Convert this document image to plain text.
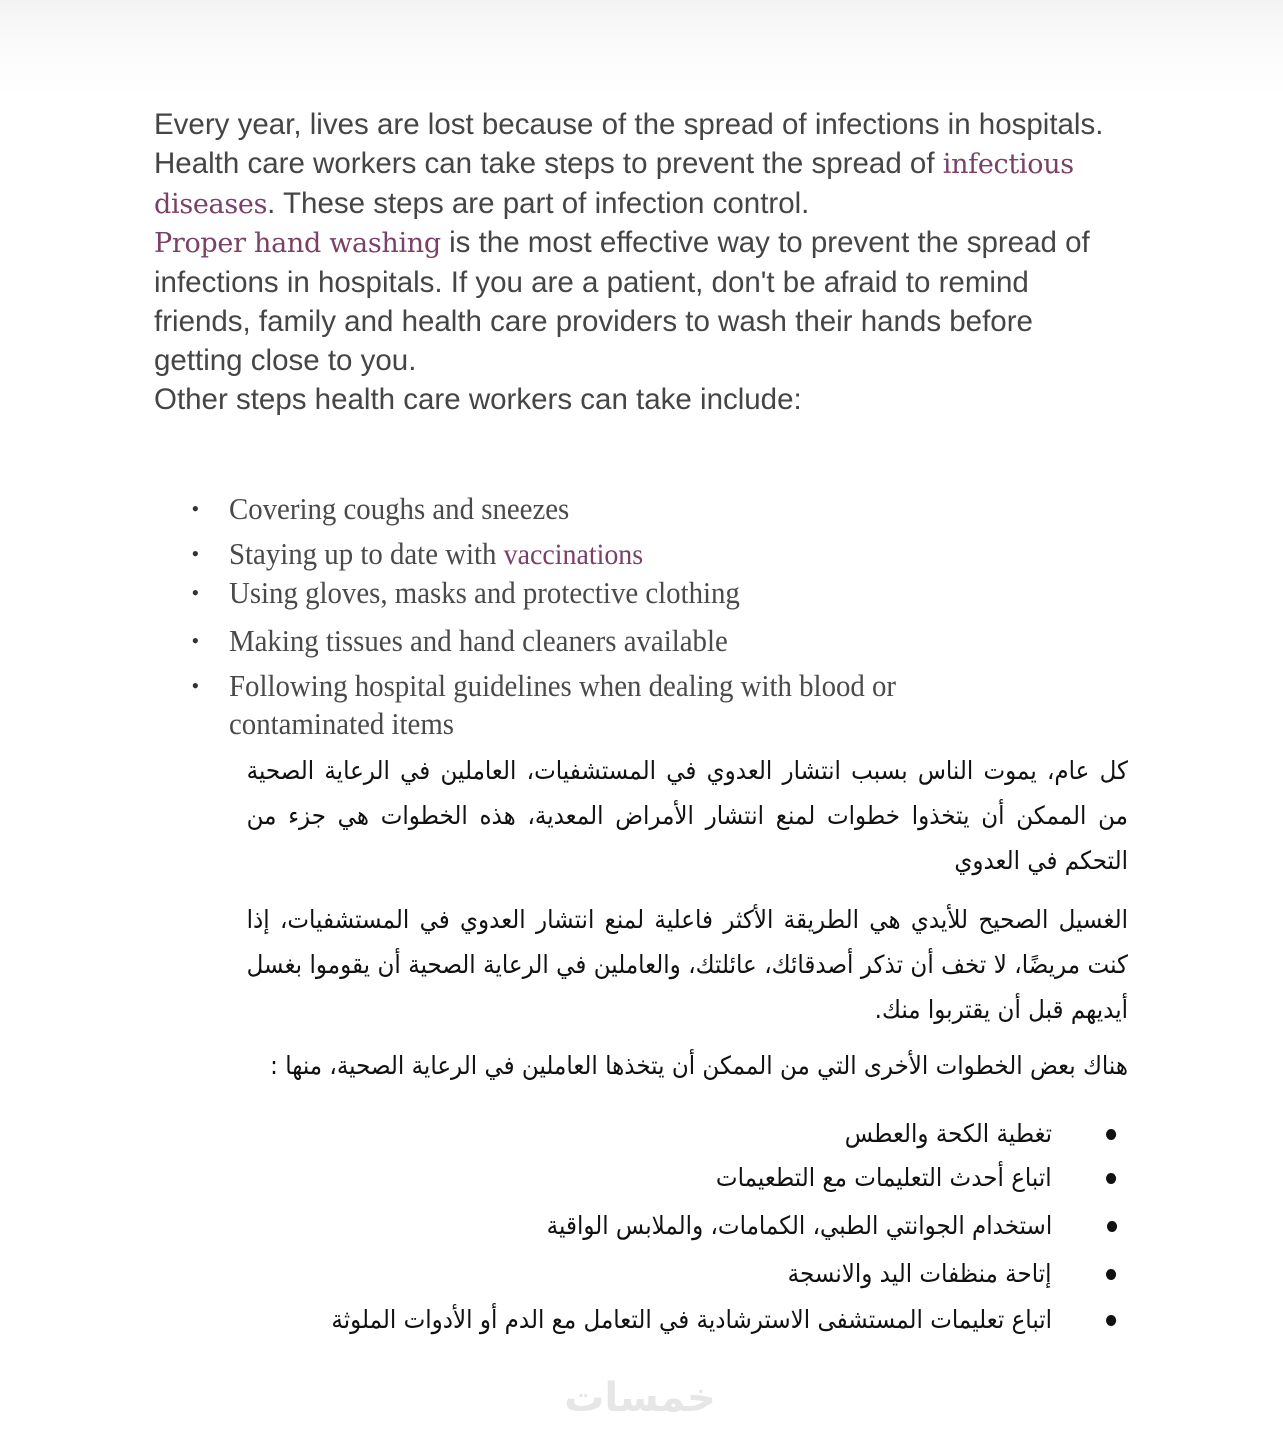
Every year, lives are lost because of the spread of infections in hospitals. Health care workers can take steps to prevent the spread of infectious diseases. These steps are part of infection control.

Proper hand washing is the most effective way to prevent the spread of infections in hospitals. If you are a patient, don't be afraid to remind friends, family and health care providers to wash their hands before getting close to you.

Other steps health care workers can take include:

• Covering coughs and sneezes
• Staying up to date with vaccinations
• Using gloves, masks and protective clothing
• Making tissues and hand cleaners available
• Following hospital guidelines when dealing with blood or contaminated items

كل عام، يموت الناس بسبب انتشار العدوي في المستشفيات، العاملين في الرعاية الصحية من الممكن أن يتخذوا خطوات لمنع انتشار الأمراض المعدية، هذه الخطوات هي جزء من التحكم في العدوي

الغسيل الصحيح للأيدي هي الطريقة الأكثر فاعلية لمنع انتشار العدوي في المستشفيات، إذا كنت مريضًا، لا تخف أن تذكر أصدقائك، عائلتك، والعاملين في الرعاية الصحية أن يقوموا بغسل أيديهم قبل أن يقتربوا منك.

هناك بعض الخطوات الأخرى التي من الممكن أن يتخذها العاملين في الرعاية الصحية، منها :

تغطية الكحة والعطس
اتباع أحدث التعليمات مع التطعيمات
استخدام الجوانتي الطبي، الكمامات، والملابس الواقية
إتاحة منظفات اليد والانسجة
اتباع تعليمات المستشفى الاسترشادية في التعامل مع الدم أو الأدوات الملوثة
خمسات
